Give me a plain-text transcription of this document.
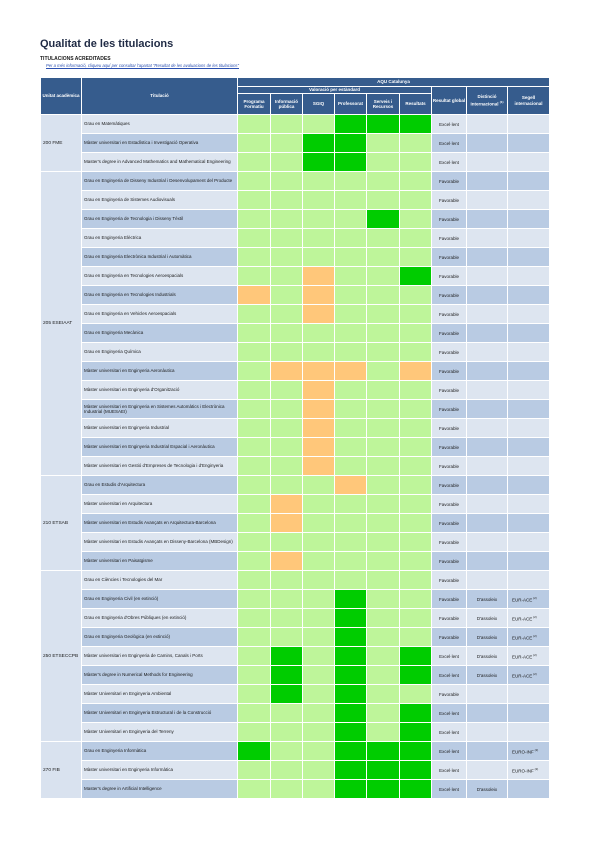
Qualitat de les titulacions
TITULACIONS ACREDITADES
Per a més informació, cliqueu aquí per consultar l'apartat "Resultat de les avaluacions de les titulacions"
Unitat acadèmica	Titulació	AQU Catalunya								
		Valoració per estàndard						Resultat global	Distinció Internacional $^{(1)}$	Segell internacional
		Programa Formatiu	Informació pública	SGIQ	Professorat	Serveis i Recursos	Resultats			
200 FME	Grau en Matemàtiques							Excel·lent		
	Màster universitari en Estadística i Investigació Operativa							Excel·lent		
	Master's degree in Advanced Mathematics and Mathematical Engineering							Excel·lent		
205 ESEIAAT	Grau en Enginyeria de Disseny Industrial i Desenvolupament del Producte							Favorable		
	Grau en Enginyeria de Sistemes Audiovisuals							Favorable		
	Grau en Enginyeria de Tecnologia i Disseny Tèxtil							Favorable		
	Grau en Enginyeria Elèctrica							Favorable		
	Grau en Enginyeria Electrònica Industrial i Automàtica							Favorable		
	Grau en Enginyeria en Tecnologies Aeroespacials							Favorable		
	Grau en Enginyeria en Tecnologies Industrials							Favorable		
	Grau en Enginyeria en Vehicles Aeroespacials							Favorable		
	Grau en Enginyeria Mecànica							Favorable		
	Grau en Enginyeria Química							Favorable		
	Màster universitari en Enginyeria Aeronàutica							Favorable		
	Màster universitari en Enginyeria d'Organització							Favorable		
	Màster universitari en Enginyeria en Sistemes Automàtics i Electrònica Industrial (MUESAEI)							Favorable		
	Màster universitari en Enginyeria Industrial							Favorable		
	Màster universitari en Enginyeria Industrial Espacial i Aeronàutica							Favorable		
	Màster universitari en Gestió d'Empreses de Tecnologia i d'Enginyeria							Favorable		
210 ETSAB	Grau en Estudis d'Arquitectura							Favorable		
	Màster universitari en Arquitectura							Favorable		
	Màster universitari en Estudis Avançats en Arquitectura-Barcelona							Favorable		
	Màster universitari en Estudis Avançats en Disseny-Barcelona (MBDesign)							Favorable		
	Màster universitari en Paisatgisme							Favorable		
250 ETSECCPB	Grau en Ciències i Tecnologies del Mar							Favorable		
	Grau en Enginyeria Civil (en extinció)							Favorable	D'assoleix	EUR-ACE $^{(2)}$
	Grau en Enginyeria d'Obres Públiques (en extinció)							Favorable	D'assoleix	EUR-ACE $^{(2)}$
	Grau en Enginyeria Geològica (en extinció)							Favorable	D'assoleix	EUR-ACE $^{(2)}$
	Màster universitari en Enginyeria de Camins, Canals i Ports							Excel·lent	D'assoleix	EUR-ACE $^{(2)}$
	Màster's degree in Numerical Methods for Engineering							Excel·lent	D'assoleix	EUR-ACE $^{(2)}$
	Màster Universitari en Enginyeria Ambiental							Favorable		
	Màster Universitari en Enginyeria Estructural i de la Construcció							Excel·lent		
	Màster Universitari en Enginyeria del Terreny							Excel·lent		
270 FIB	Grau en Enginyeria Informàtica							Excel·lent		EURO-INF $^{(2)}$
	Màster universitari en Enginyeria Informàtica							Excel·lent		EURO-INF $^{(2)}$
	Master's degree in Artificial Intelligence							Excel·lent	D'assoleix	
